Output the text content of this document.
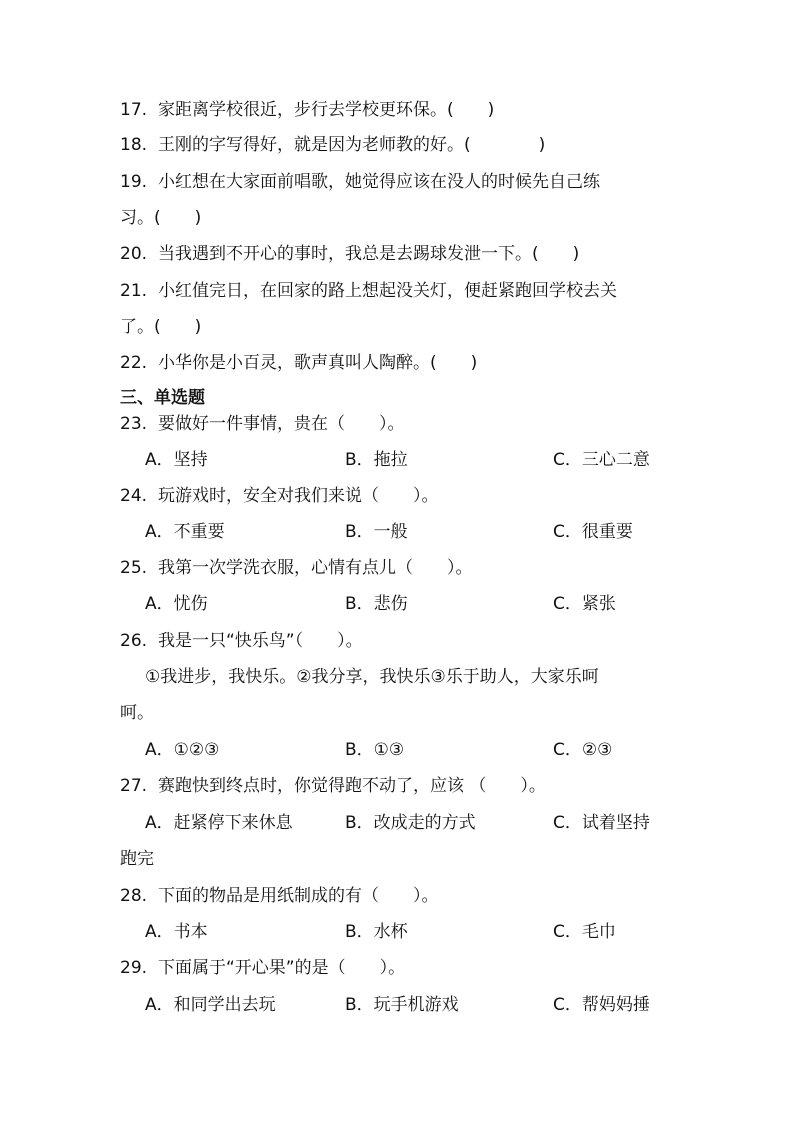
17. 家距离学校很近，步行去学校更环保。(　　)
18. 王刚的字写得好，就是因为老师教的好。(　　　　)
19. 小红想在大家面前唱歌，她觉得应该在没人的时候先自己练
习。(　　)
20. 当我遇到不开心的事时，我总是去踢球发泄一下。(　　)
21. 小红值完日，在回家的路上想起没关灯，便赶紧跑回学校去关
了。(　　)
22. 小华你是小百灵，歌声真叫人陶醉。(　　)
三、单选题
23. 要做好一件事情，贵在（　　）。
A．坚持	B．拖拉	C．三心二意
24. 玩游戏时，安全对我们来说（　　）。
A．不重要	B．一般	C．很重要
25. 我第一次学洗衣服，心情有点儿（　　）。
A．忧伤	B．悲伤	C．紧张
26. 我是一只“快乐鸟”（　　）。
①我进步，我快乐。②我分享，我快乐③乐于助人，大家乐呵
呵。
A．①②③	B．①③	C．②③
27. 赛跑快到终点时，你觉得跑不动了，应该 （　　）。
A．赶紧停下来休息	B．改成走的方式	C．试着坚持
跑完
28. 下面的物品是用纸制成的有（　　）。
A．书本	B．水杯	C．毛巾
29. 下面属于“开心果”的是（　　）。
A．和同学出去玩	B．玩手机游戏	C．帮妈妈捶
